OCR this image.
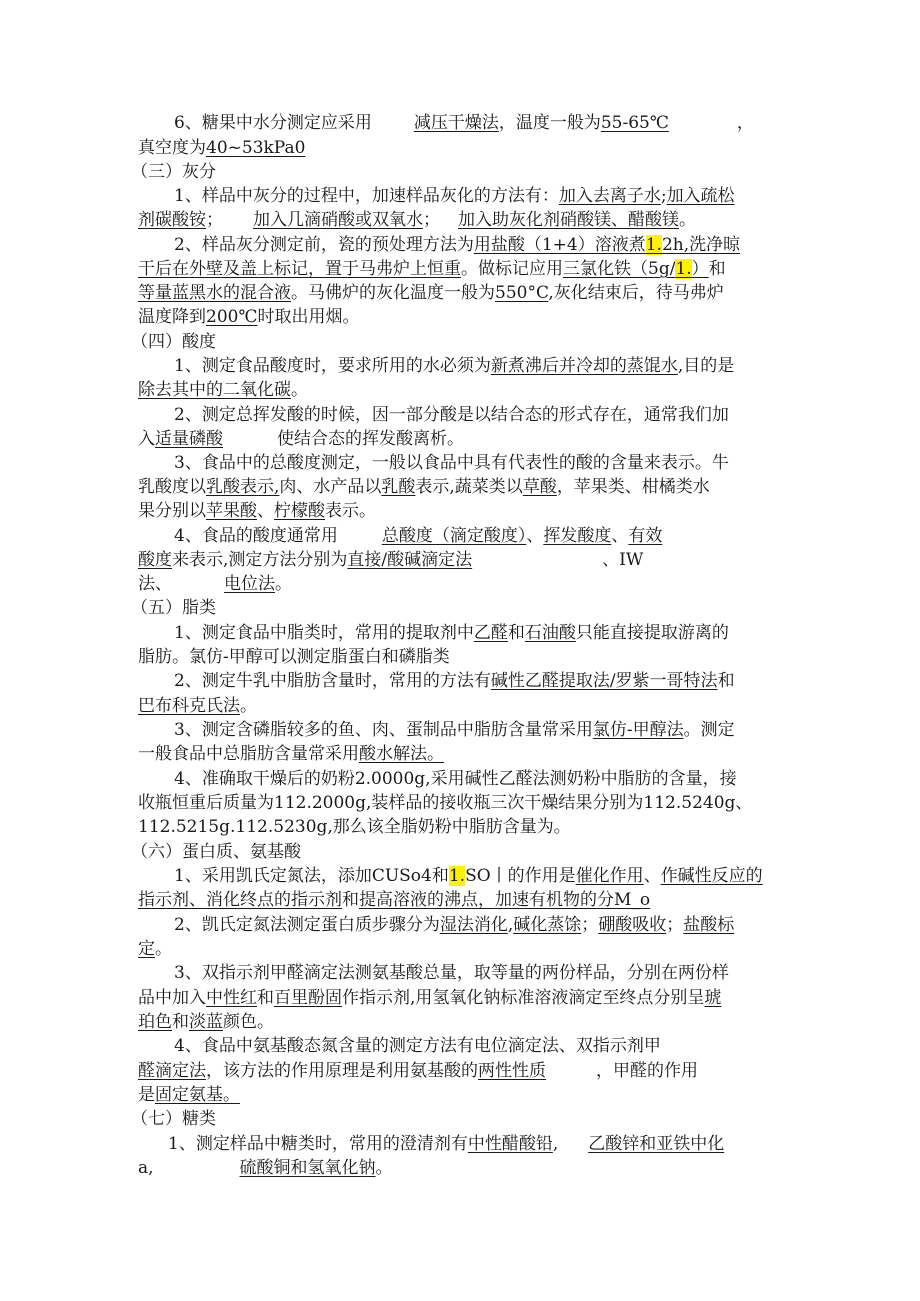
6、糖果中水分测定应采用 减压干燥法，温度一般为55-65℃	，
真空度为40~53kPa0
（三）灰分
1、样品中灰分的过程中，加速样品灰化的方法有：加入去离子水;加入疏松
剂碳酸铵； 加入几滴硝酸或双氧水； 加入助灰化剂硝酸镁、醋酸镁。
2、样品灰分测定前，瓷的预处理方法为用盐酸（1+4）溶液煮1.2h,洗净晾
干后在外壁及盖上标记，置于马弗炉上恒重。做标记应用三氯化铁（5g/1.）和
等量蓝黑水的混合液。马佛炉的灰化温度一般为550°C,灰化结束后，待马弗炉
温度降到200℃时取出用烟。
（四）酸度
1、测定食品酸度时，要求所用的水必须为新煮沸后并冷却的蒸馄水,目的是
除去其中的二氧化碳。
2、测定总挥发酸的时候，因一部分酸是以结合态的形式存在，通常我们加
入适量磷酸	使结合态的挥发酸离析。
3、食品中的总酸度测定，一般以食品中具有代表性的酸的含量来表示。牛
乳酸度以乳酸表示,肉、水产品以乳酸表示,蔬菜类以草酸，苹果类、柑橘类水
果分别以苹果酸、柠檬酸表示。
4、食品的酸度通常用	总酸度（滴定酸度）、挥发酸度、有效
酸度来表示,测定方法分别为直接/酸碱滴定法	、IW
法、	电位法。
（五）脂类
1、测定食品中脂类时，常用的提取剂中乙醛和石油酸只能直接提取游离的
脂肪。氯仿-甲醇可以测定脂蛋白和磷脂类
2、测定牛乳中脂肪含量时，常用的方法有碱性乙醛提取法/罗紫一哥特法和
巴布科克氏法。
3、测定含磷脂较多的鱼、肉、蛋制品中脂肪含量常采用氯仿-甲醇法。测定
一般食品中总脂肪含量常采用酸水解法。
4、准确取干燥后的奶粉2.0000g,采用碱性乙醛法测奶粉中脂肪的含量，接
收瓶恒重后质量为112.2000g,装样品的接收瓶三次干燥结果分别为112.5240g、
112.5215g.112.5230g,那么该全脂奶粉中脂肪含量为。
（六）蛋白质、氨基酸
1、采用凯氏定氮法，添加CUSo4和1.SO丨的作用是催化作用、作碱性反应的
指示剂、消化终点的指示剂和提高溶液的沸点，加速有机物的分M_o
2、凯氏定氮法测定蛋白质步骤分为湿法消化,碱化蒸馀；硼酸吸收；盐酸标
定。
3、双指示剂甲醛滴定法测氨基酸总量，取等量的两份样品，分别在两份样
品中加入中性红和百里酚固作指示剂,用氢氧化钠标准溶液滴定至终点分别呈琥
珀色和淡蓝颜色。
4、食品中氨基酸态氮含量的测定方法有电位滴定法、双指示剂甲
醛滴定法，该方法的作用原理是利用氨基酸的两性性质	，甲醛的作用
是固定氨基。
（七）糖类
1、测定样品中糖类时，常用的澄清剂有中性醋酸铅, 乙酸锌和亚铁中化
a,	硫酸铜和氢氧化钠。
